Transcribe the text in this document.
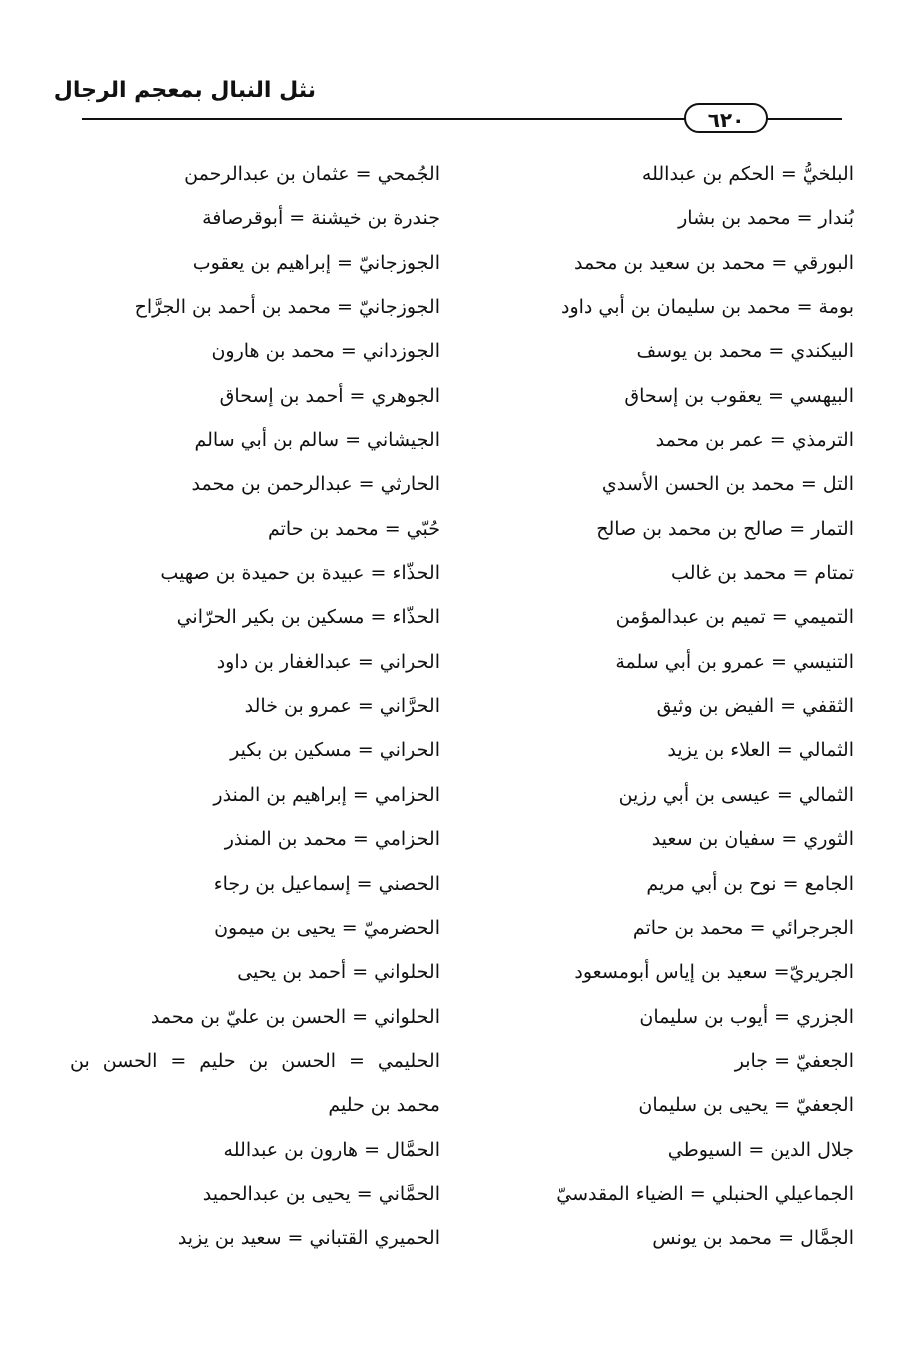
نثل النبال بمعجم الرجال
٦٢٠
البلخيُّ = الحكم بن عبدالله
بُندار = محمد بن بشار
البورقي = محمد بن سعيد بن محمد
بومة = محمد بن سليمان بن أبي داود
البيكندي = محمد بن يوسف
البيهسي = يعقوب بن إسحاق
الترمذي = عمر بن محمد
التل = محمد بن الحسن الأسدي
التمار = صالح بن محمد بن صالح
تمتام = محمد بن غالب
التميمي = تميم بن عبدالمؤمن
التنيسي = عمرو بن أبي سلمة
الثقفي = الفيض بن وثيق
الثمالي = العلاء بن يزيد
الثمالي = عيسى بن أبي رزين
الثوري = سفيان بن سعيد
الجامع = نوح بن أبي مريم
الجرجرائي = محمد بن حاتم
الجريريّ= سعيد بن إياس أبومسعود
الجزري = أيوب بن سليمان
الجعفيّ = جابر
الجعفيّ = يحيى بن سليمان
جلال الدين = السيوطي
الجماعيلي الحنبلي = الضياء المقدسيّ
الجمَّال = محمد بن يونس
الجُمحي = عثمان بن عبدالرحمن
جندرة بن خيشنة = أبوقرصافة
الجوزجانيّ = إبراهيم بن يعقوب
الجوزجانيّ = محمد بن أحمد بن الجرَّاح
الجوزداني = محمد بن هارون
الجوهري = أحمد بن إسحاق
الجيشاني = سالم بن أبي سالم
الحارثي = عبدالرحمن بن محمد
حُبّي = محمد بن حاتم
الحذّاء = عبيدة بن حميدة بن صهيب
الحذّاء = مسكين بن بكير الحرّاني
الحراني = عبدالغفار بن داود
الحرَّاني = عمرو بن خالد
الحراني = مسكين بن بكير
الحزامي = إبراهيم بن المنذر
الحزامي = محمد بن المنذر
الحصني = إسماعيل بن رجاء
الحضرميّ = يحيى بن ميمون
الحلواني = أحمد بن يحيى
الحلواني = الحسن بن عليّ بن محمد
الحليمي = الحسن بن حليم = الحسن بن
محمد بن حليم
الحمَّال = هارون بن عبدالله
الحمَّاني = يحيى بن عبدالحميد
الحميري القتباني = سعيد بن يزيد
